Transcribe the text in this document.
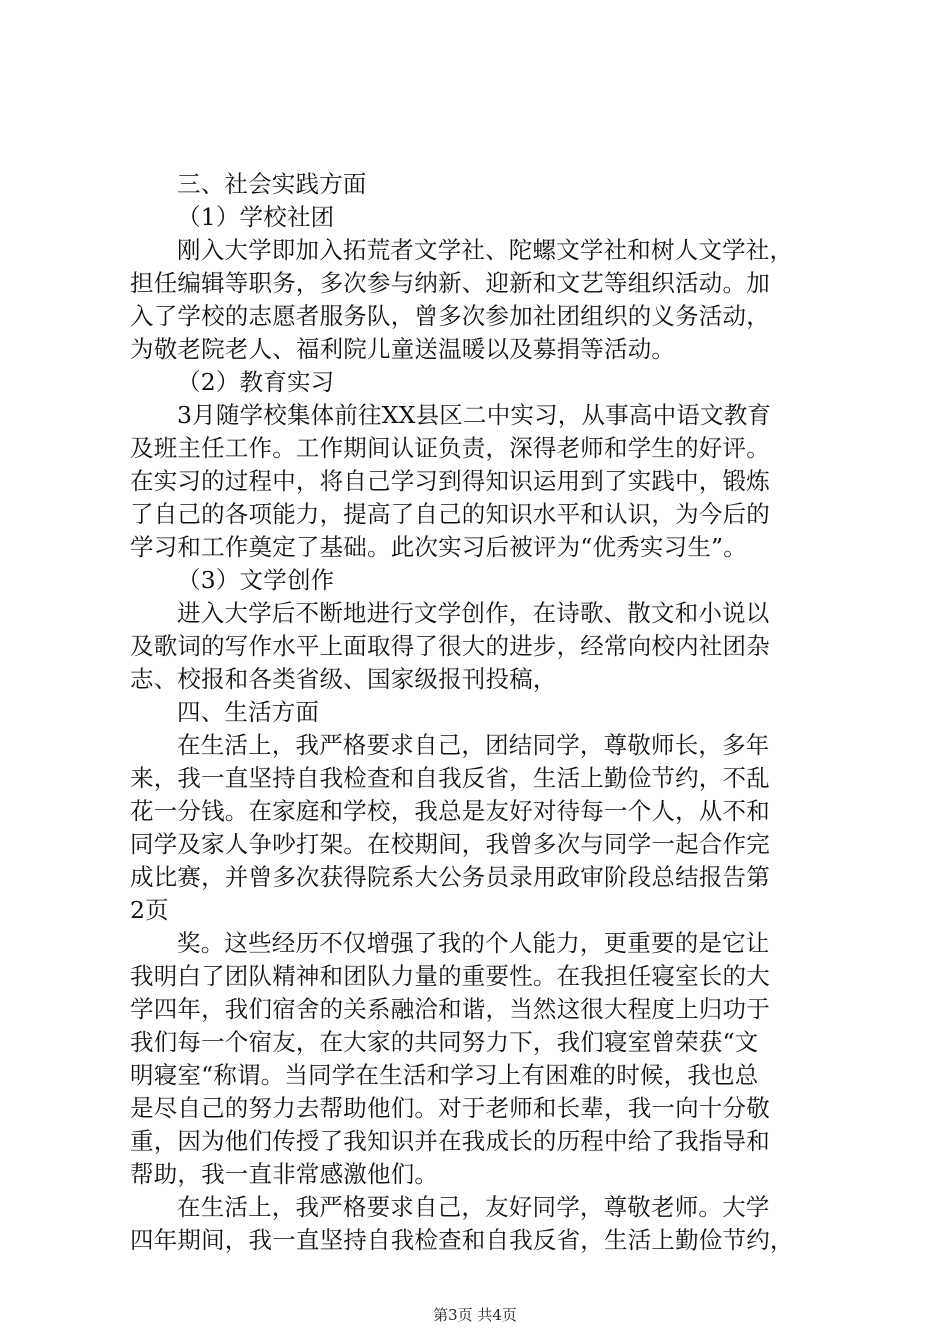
三、社会实践方面
（1）学校社团
刚入大学即加入拓荒者文学社、陀螺文学社和树人文学社，
担任编辑等职务，多次参与纳新、迎新和文艺等组织活动。加
入了学校的志愿者服务队，曾多次参加社团组织的义务活动，
为敬老院老人、福利院儿童送温暖以及募捐等活动。
（2）教育实习
3月随学校集体前往XX县区二中实习，从事高中语文教育
及班主任工作。工作期间认证负责，深得老师和学生的好评。
在实习的过程中，将自己学习到得知识运用到了实践中，锻炼
了自己的各项能力，提高了自己的知识水平和认识，为今后的
学习和工作奠定了基础。此次实习后被评为“优秀实习生”。
（3）文学创作
进入大学后不断地进行文学创作，在诗歌、散文和小说以
及歌词的写作水平上面取得了很大的进步，经常向校内社团杂
志、校报和各类省级、国家级报刊投稿，
四、生活方面
在生活上，我严格要求自己，团结同学，尊敬师长，多年
来，我一直坚持自我检查和自我反省，生活上勤俭节约，不乱
花一分钱。在家庭和学校，我总是友好对待每一个人，从不和
同学及家人争吵打架。在校期间，我曾多次与同学一起合作完
成比赛，并曾多次获得院系大公务员录用政审阶段总结报告第
2页
奖。这些经历不仅增强了我的个人能力，更重要的是它让
我明白了团队精神和团队力量的重要性。在我担任寝室长的大
学四年，我们宿舍的关系融洽和谐，当然这很大程度上归功于
我们每一个宿友，在大家的共同努力下，我们寝室曾荣获“文
明寝室“称谓。当同学在生活和学习上有困难的时候，我也总
是尽自己的努力去帮助他们。对于老师和长辈，我一向十分敬
重，因为他们传授了我知识并在我成长的历程中给了我指导和
帮助，我一直非常感激他们。
在生活上，我严格要求自己，友好同学，尊敬老师。大学
四年期间，我一直坚持自我检查和自我反省，生活上勤俭节约，
第3页 共4页
